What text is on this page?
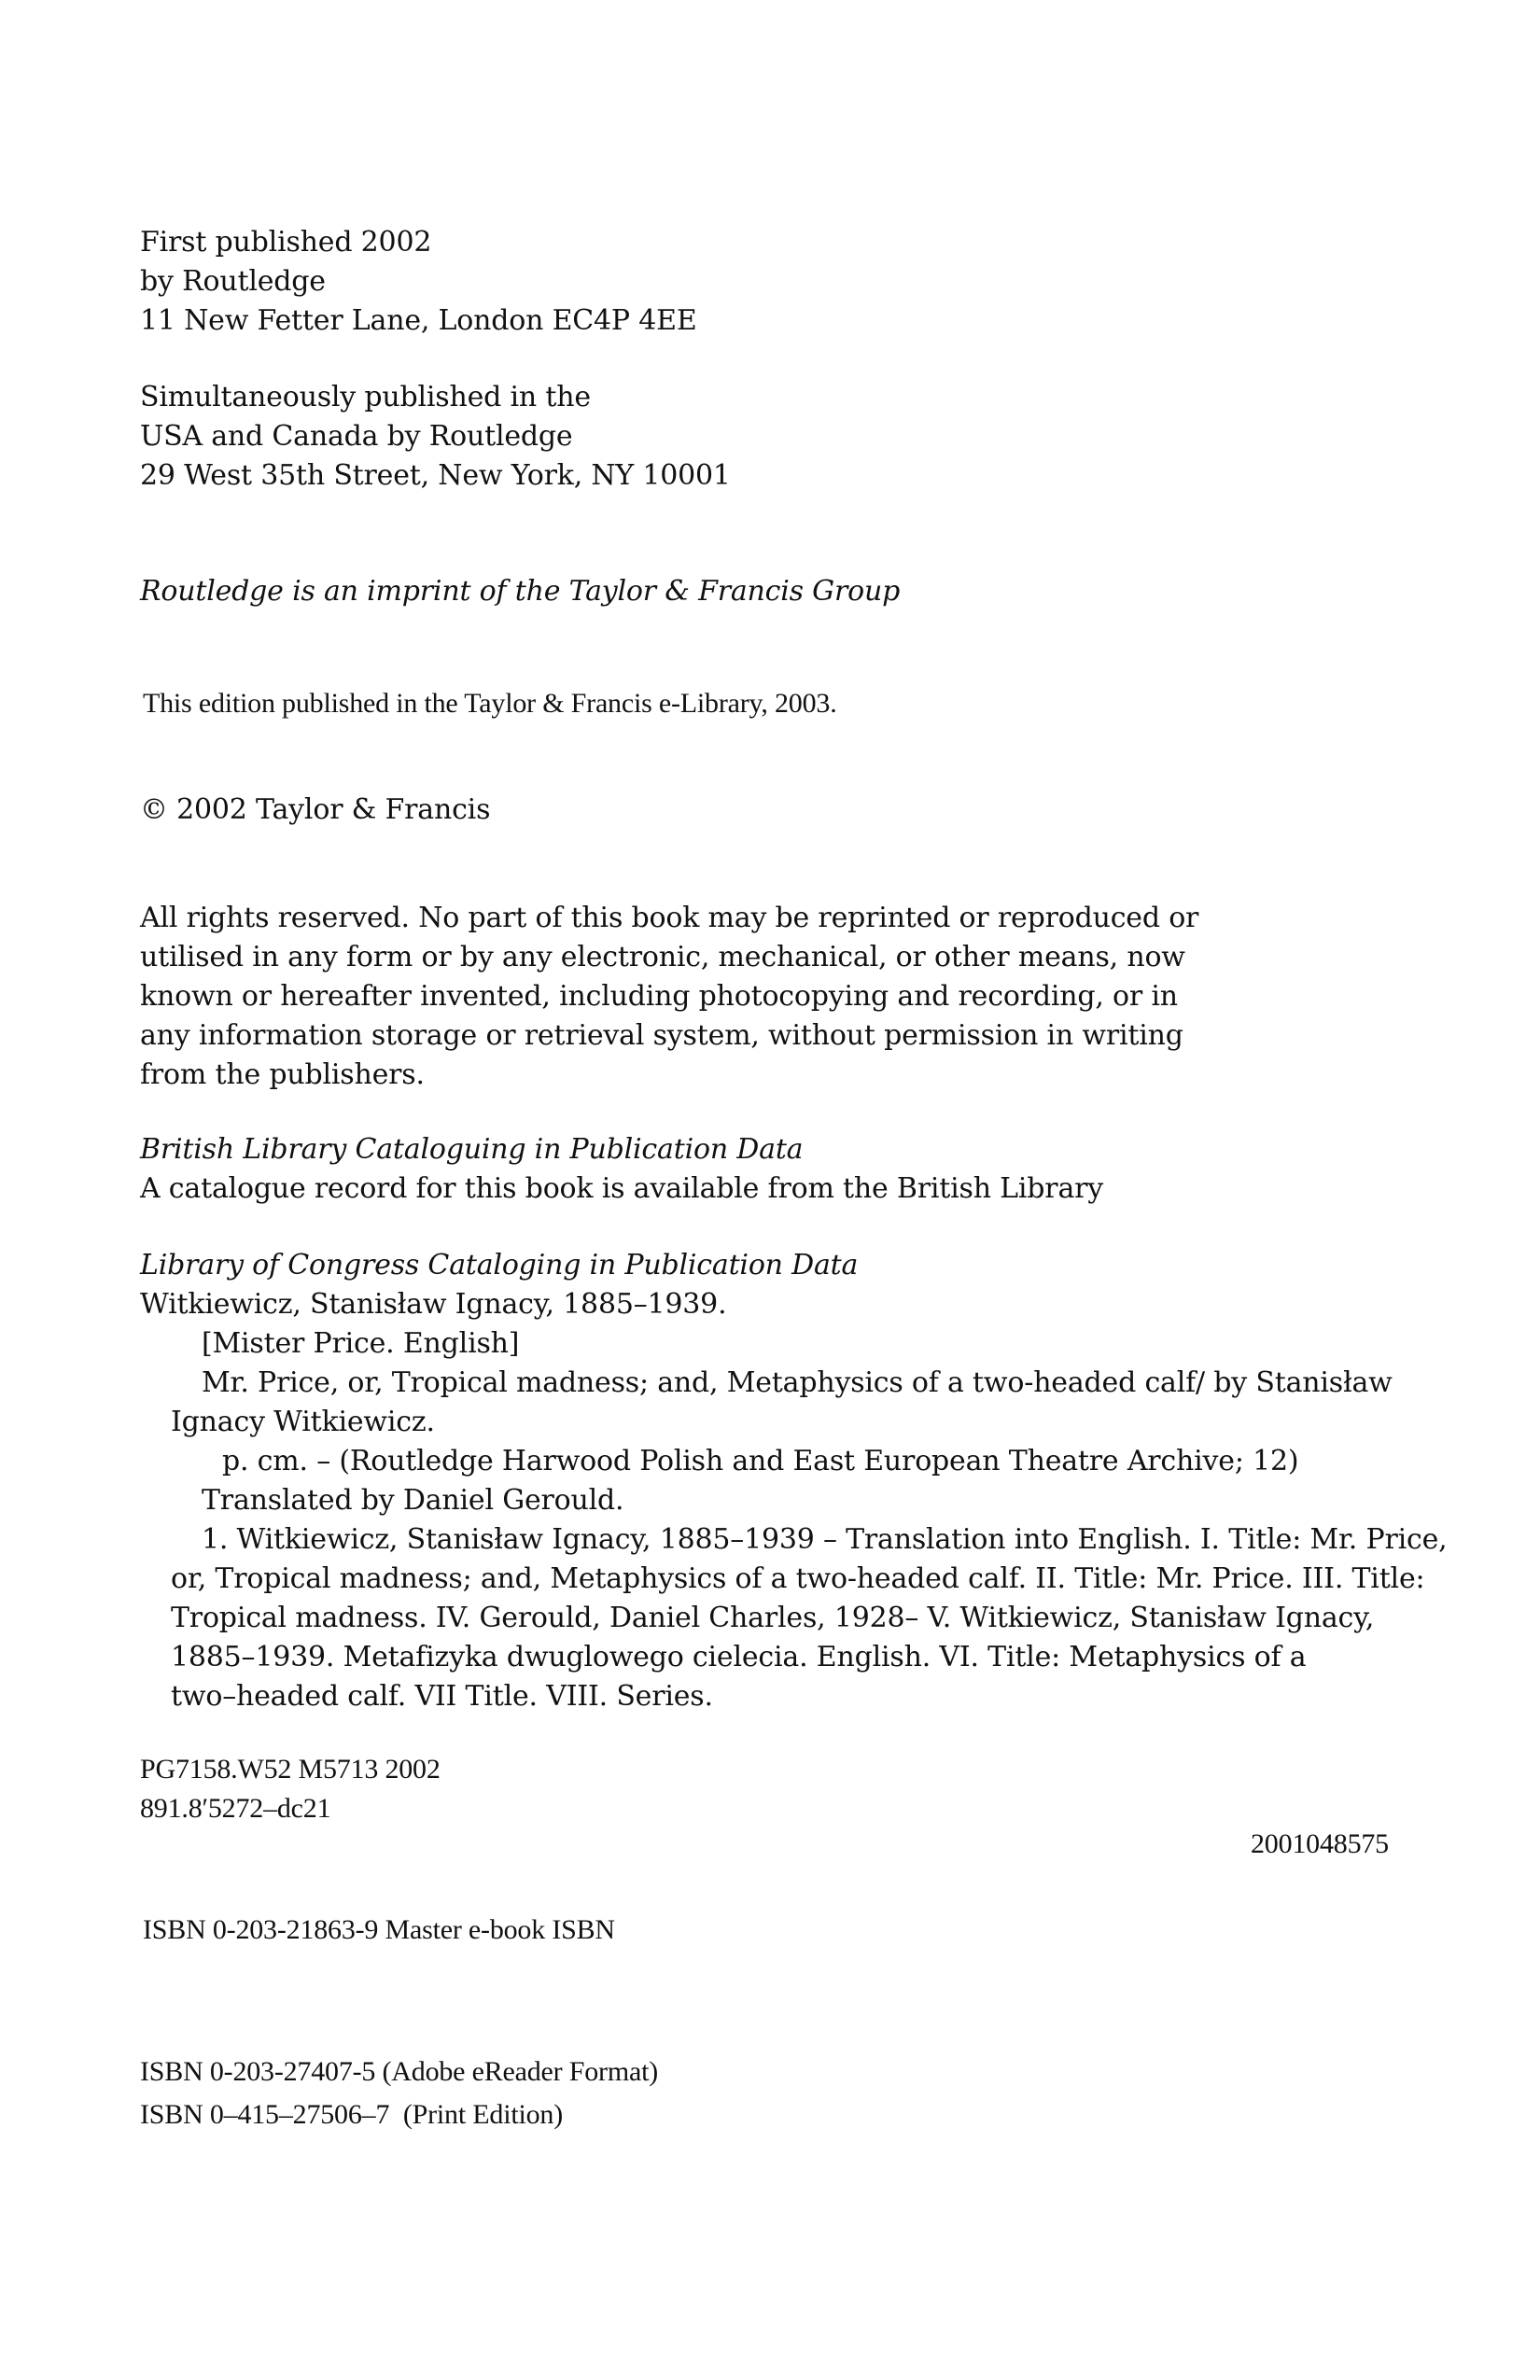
First published 2002
by Routledge
11 New Fetter Lane, London EC4P 4EE
Simultaneously published in the
USA and Canada by Routledge
29 West 35th Street, New York, NY 10001
Routledge is an imprint of the Taylor & Francis Group
This edition published in the Taylor & Francis e-Library, 2003.
© 2002 Taylor & Francis
All rights reserved. No part of this book may be reprinted or reproduced or
utilised in any form or by any electronic, mechanical, or other means, now
known or hereafter invented, including photocopying and recording, or in
any information storage or retrieval system, without permission in writing
from the publishers.
British Library Cataloguing in Publication Data
A catalogue record for this book is available from the British Library
Library of Congress Cataloging in Publication Data
Witkiewicz, Stanisław Ignacy, 1885–1939.
[Mister Price. English]
Mr. Price, or, Tropical madness; and, Metaphysics of a two-headed calf/ by Stanisław
Ignacy Witkiewicz.
p. cm. – (Routledge Harwood Polish and East European Theatre Archive; 12)
Translated by Daniel Gerould.
1. Witkiewicz, Stanisław Ignacy, 1885–1939 – Translation into English. I. Title: Mr. Price,
or, Tropical madness; and, Metaphysics of a two-headed calf. II. Title: Mr. Price. III. Title:
Tropical madness. IV. Gerould, Daniel Charles, 1928– V. Witkiewicz, Stanisław Ignacy,
1885–1939. Metafizyka dwuglowego cielecia. English. VI. Title: Metaphysics of a
two–headed calf. VII Title. VIII. Series.
PG7158.W52 M5713 2002
891.8′5272–dc21
2001048575
ISBN 0-203-21863-9 Master e-book ISBN
ISBN 0-203-27407-5 (Adobe eReader Format)
ISBN 0–415–27506–7  (Print Edition)
